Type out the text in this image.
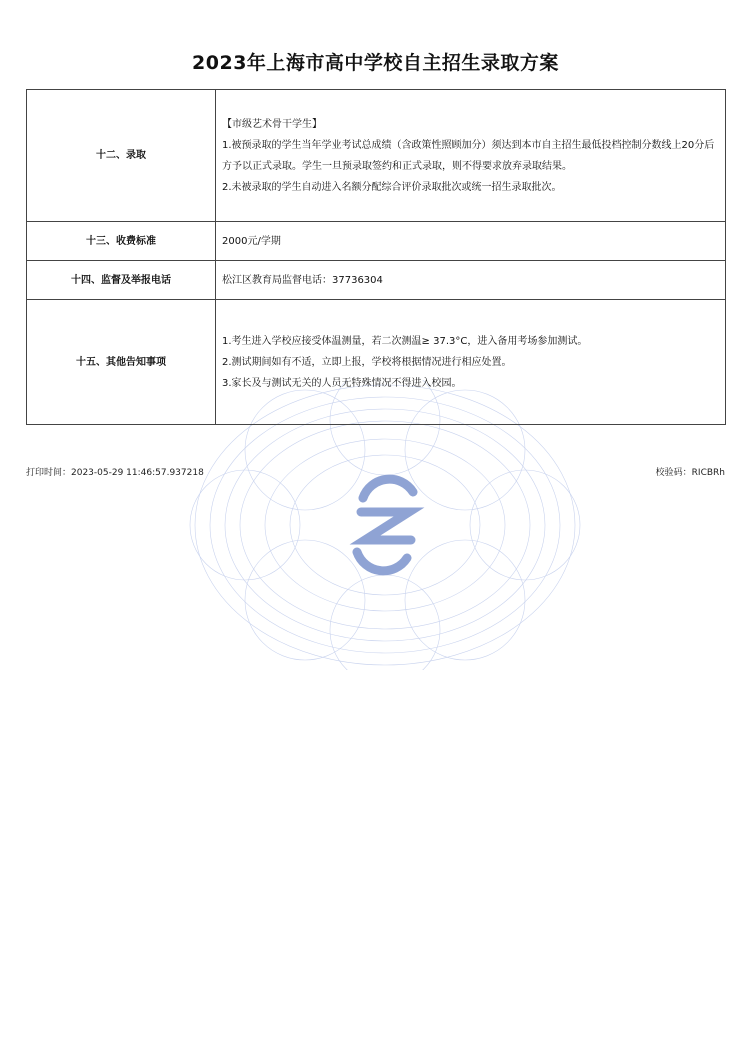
2023年上海市高中学校自主招生录取方案
十二、录取	【市级艺术骨干学生】
1.被预录取的学生当年学业考试总成绩（含政策性照顾加分）须达到本市自主招生最低投档控制分数线上20分后方予以正式录取。学生一旦预录取签约和正式录取，则不得要求放弃录取结果。
2.未被录取的学生自动进入名额分配综合评价录取批次或统一招生录取批次。

十三、收费标准	2000元/学期

十四、监督及举报电话	松江区教育局监督电话：37736304

十五、其他告知事项	1.考生进入学校应接受体温测量，若二次测温≥ 37.3°C，进入备用考场参加测试。
2.测试期间如有不适，立即上报，学校将根据情况进行相应处置。
3.家长及与测试无关的人员无特殊情况不得进入校园。
打印时间：2023-05-29 11:46:57.937218	校验码：RICBRh
